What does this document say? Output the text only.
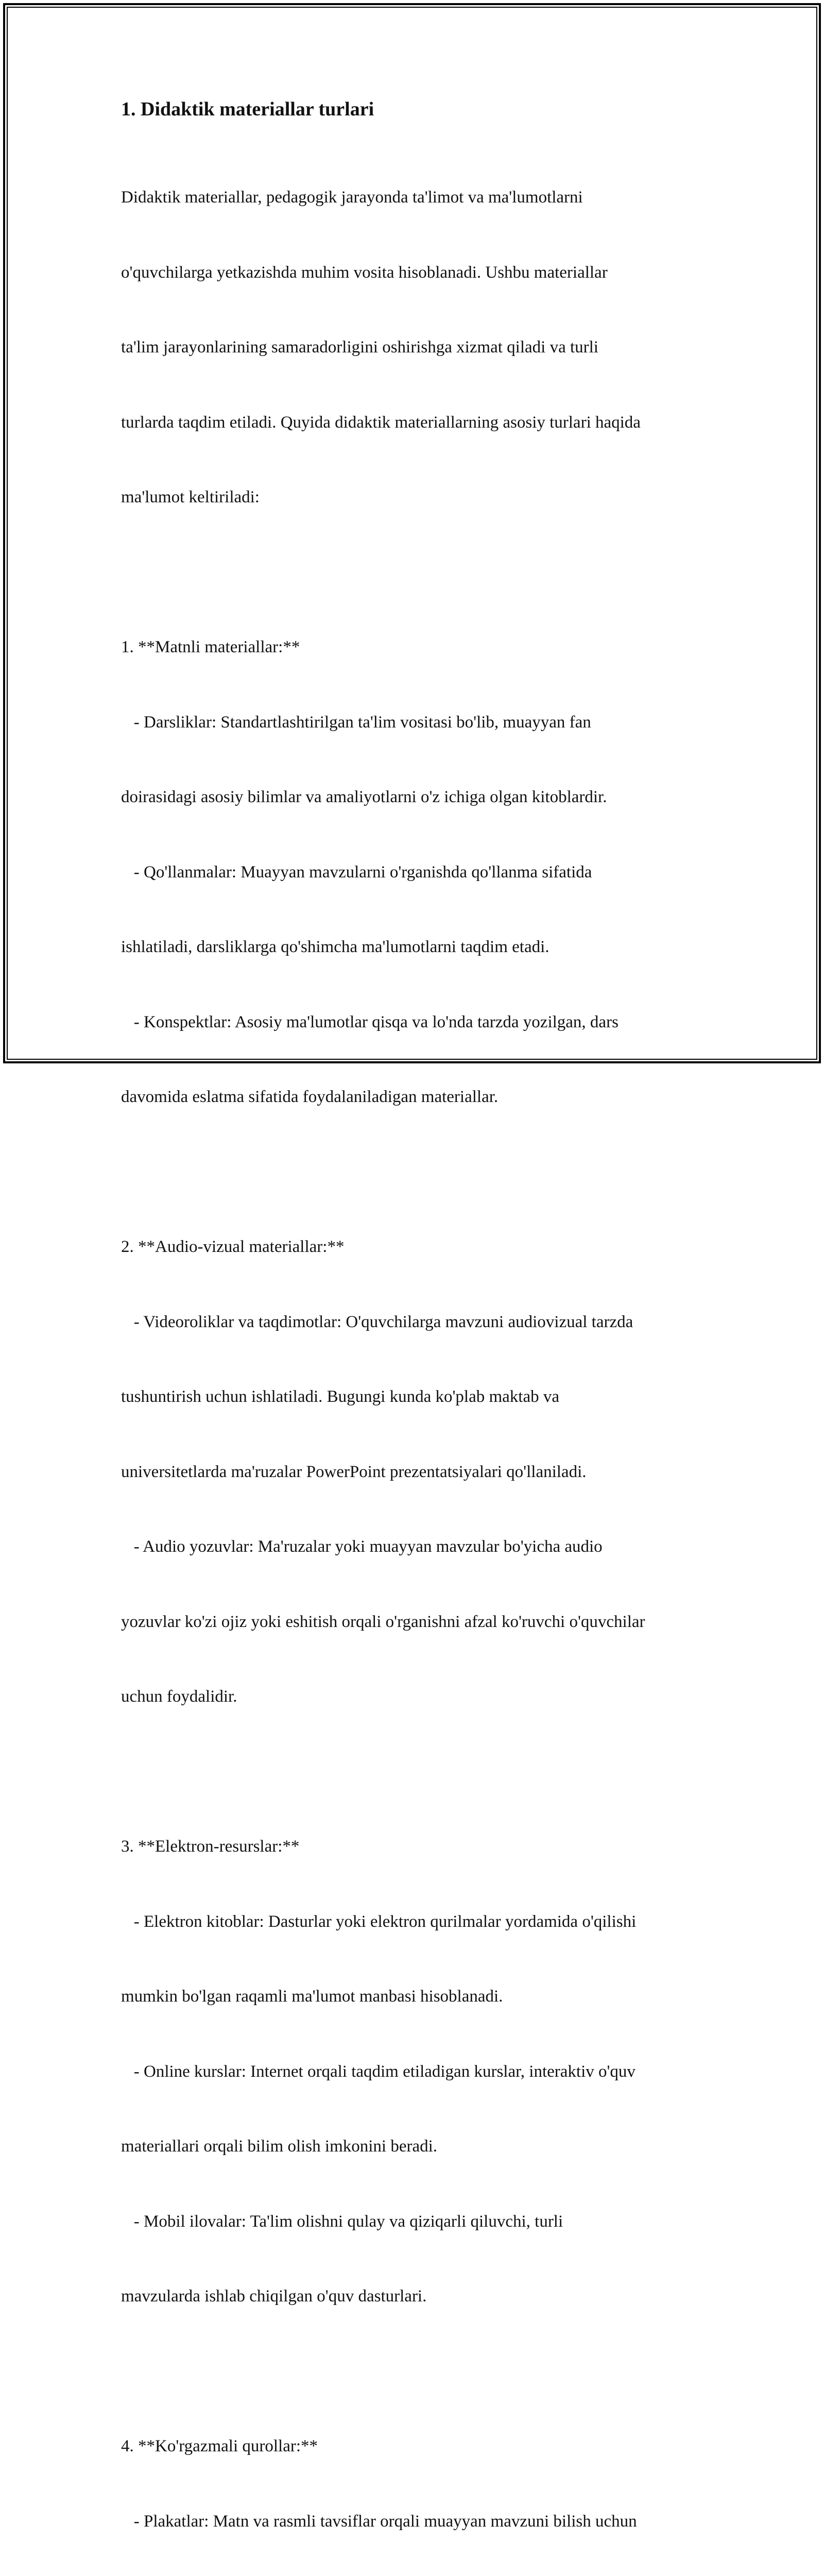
1. Didaktik materiallar turlari

Didaktik materiallar, pedagogik jarayonda ta'limot va ma'lumotlarni

o'quvchilarga yetkazishda muhim vosita hisoblanadi. Ushbu materiallar

ta'lim jarayonlarining samaradorligini oshirishga xizmat qiladi va turli

turlarda taqdim etiladi. Quyida didaktik materiallarning asosiy turlari haqida

ma'lumot keltiriladi:

1. **Matnli materiallar:**

- Darsliklar: Standartlashtirilgan ta'lim vositasi bo'lib, muayyan fan

doirasidagi asosiy bilimlar va amaliyotlarni o'z ichiga olgan kitoblardir.

- Qo'llanmalar: Muayyan mavzularni o'rganishda qo'llanma sifatida

ishlatiladi, darsliklarga qo'shimcha ma'lumotlarni taqdim etadi.

- Konspektlar: Asosiy ma'lumotlar qisqa va lo'nda tarzda yozilgan, dars

davomida eslatma sifatida foydalaniladigan materiallar.

2. **Audio-vizual materiallar:**

- Videoroliklar va taqdimotlar: O'quvchilarga mavzuni audiovizual tarzda

tushuntirish uchun ishlatiladi. Bugungi kunda ko'plab maktab va

universitetlarda ma'ruzalar PowerPoint prezentatsiyalari qo'llaniladi.

- Audio yozuvlar: Ma'ruzalar yoki muayyan mavzular bo'yicha audio

yozuvlar ko'zi ojiz yoki eshitish orqali o'rganishni afzal ko'ruvchi o'quvchilar

uchun foydalidir.

3. **Elektron-resurslar:**

- Elektron kitoblar: Dasturlar yoki elektron qurilmalar yordamida o'qilishi

mumkin bo'lgan raqamli ma'lumot manbasi hisoblanadi.

- Online kurslar: Internet orqali taqdim etiladigan kurslar, interaktiv o'quv

materiallari orqali bilim olish imkonini beradi.

- Mobil ilovalar: Ta'lim olishni qulay va qiziqarli qiluvchi, turli

mavzularda ishlab chiqilgan o'quv dasturlari.

4. **Ko'rgazmali qurollar:**

- Plakatlar: Matn va rasmli tavsiflar orqali muayyan mavzuni bilish uchun
